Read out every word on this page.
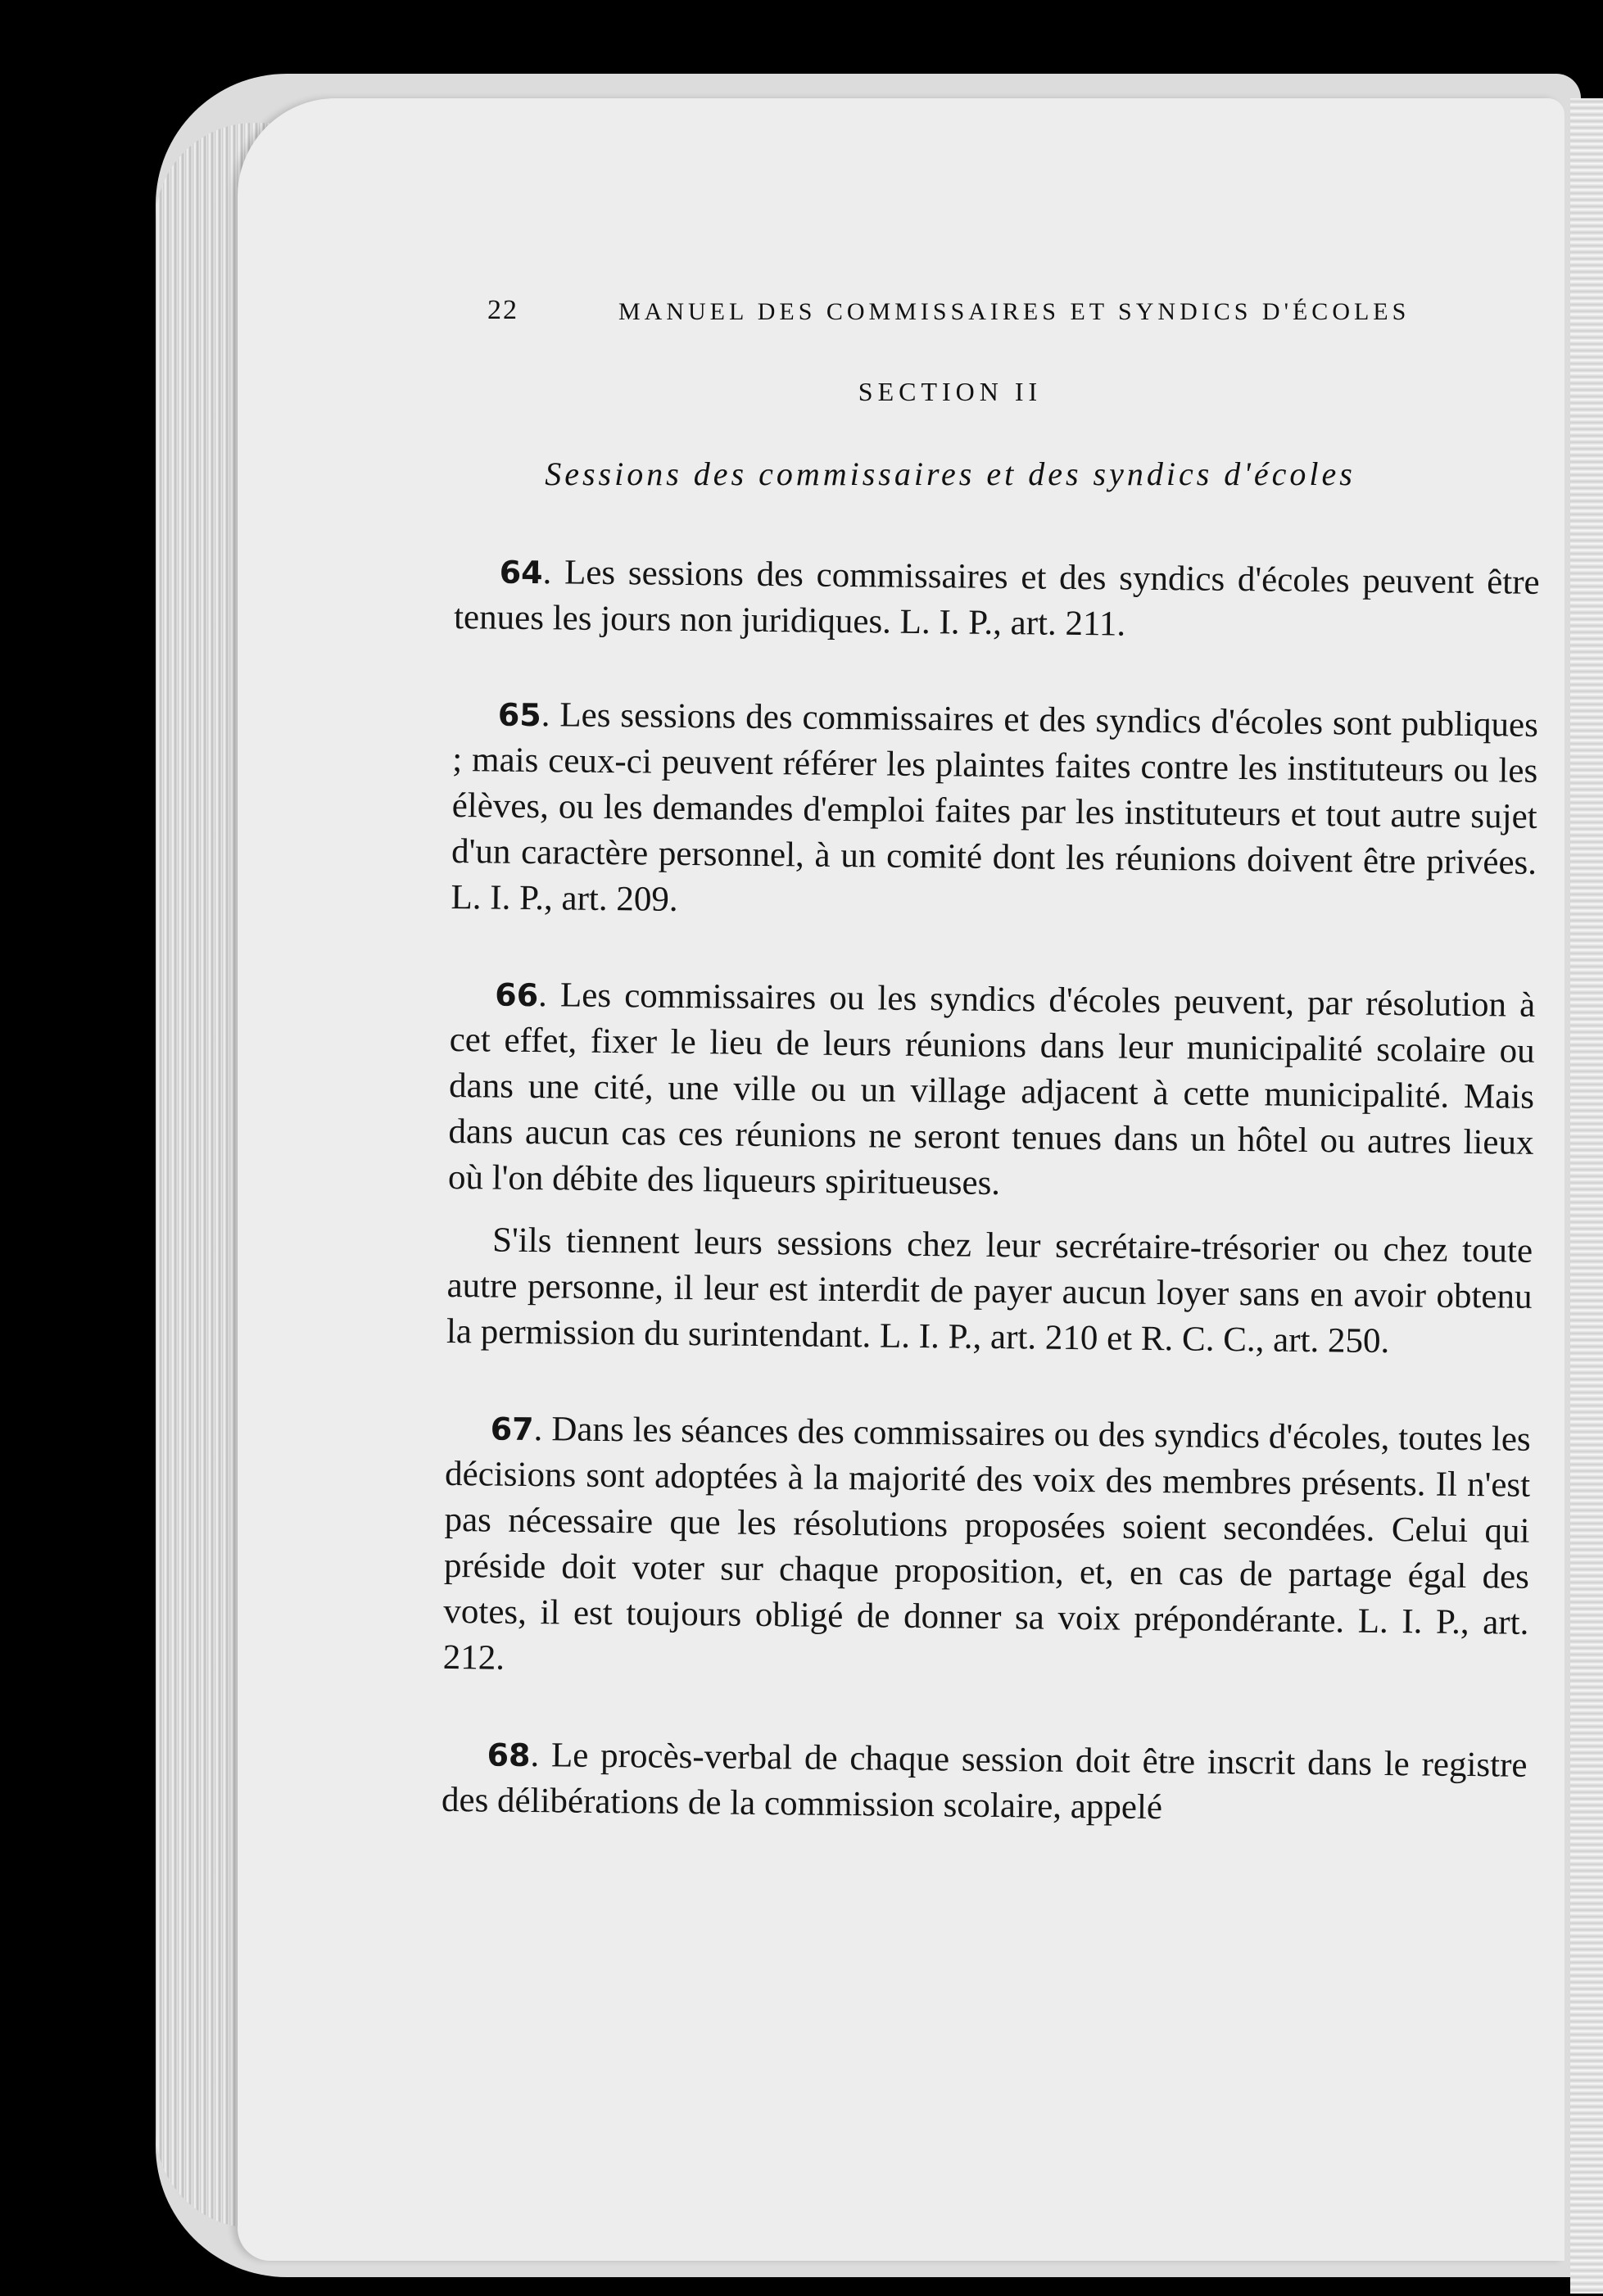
22	MANUEL DES COMMISSAIRES ET SYNDICS D'ÉCOLES
SECTION II
Sessions des commissaires et des syndics d'écoles

64. Les sessions des commissaires et des syndics d'écoles peuvent être tenues les jours non juridiques. L. I. P., art. 211.

65. Les sessions des commissaires et des syndics d'écoles sont publiques ; mais ceux-ci peuvent référer les plaintes faites contre les instituteurs ou les élèves, ou les demandes d'emploi faites par les instituteurs et tout autre sujet d'un caractère personnel, à un comité dont les réunions doivent être privées. L. I. P., art. 209.

66. Les commissaires ou les syndics d'écoles peuvent, par résolution à cet effet, fixer le lieu de leurs réunions dans leur municipalité scolaire ou dans une cité, une ville ou un village adjacent à cette municipalité. Mais dans aucun cas ces réunions ne seront tenues dans un hôtel ou autres lieux où l'on débite des liqueurs spiritueuses.

S'ils tiennent leurs sessions chez leur secrétaire-trésorier ou chez toute autre personne, il leur est interdit de payer aucun loyer sans en avoir obtenu la permission du surintendant. L. I. P., art. 210 et R. C. C., art. 250.

67. Dans les séances des commissaires ou des syndics d'écoles, toutes les décisions sont adoptées à la majorité des voix des membres présents. Il n'est pas nécessaire que les résolutions proposées soient secondées. Celui qui préside doit voter sur chaque proposition, et, en cas de partage égal des votes, il est toujours obligé de donner sa voix prépondérante. L. I. P., art. 212.

68. Le procès-verbal de chaque session doit être inscrit dans le registre des délibérations de la commission scolaire, appelé
